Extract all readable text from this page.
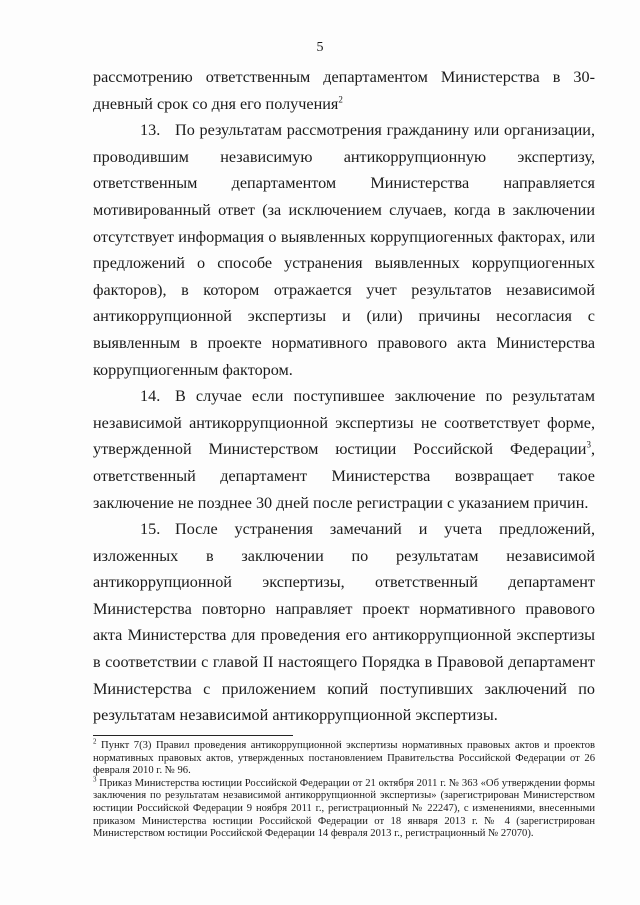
5

рассмотрению ответственным департаментом Министерства в 30-дневный срок со дня его получения$^2$

13. По результатам рассмотрения гражданину или организации, проводившим независимую антикоррупционную экспертизу, ответственным департаментом Министерства направляется мотивированный ответ (за исключением случаев, когда в заключении отсутствует информация о выявленных коррупциогенных факторах, или предложений о способе устранения выявленных коррупциогенных факторов), в котором отражается учет результатов независимой антикоррупционной экспертизы и (или) причины несогласия с выявленным в проекте нормативного правового акта Министерства коррупциогенным фактором.

14. В случае если поступившее заключение по результатам независимой антикоррупционной экспертизы не соответствует форме, утвержденной Министерством юстиции Российской Федерации$^3$, ответственный департамент Министерства возвращает такое заключение не позднее 30 дней после регистрации с указанием причин.

15. После устранения замечаний и учета предложений, изложенных в заключении по результатам независимой антикоррупционной экспертизы, ответственный департамент Министерства повторно направляет проект нормативного правового акта Министерства для проведения его антикоррупционной экспертизы в соответствии с главой II настоящего Порядка в Правовой департамент Министерства с приложением копий поступивших заключений по результатам независимой антикоррупционной экспертизы.

$^2$ Пункт 7(3) Правил проведения антикоррупционной экспертизы нормативных правовых актов и проектов нормативных правовых актов, утвержденных постановлением Правительства Российской Федерации от 26 февраля 2010 г. № 96.

$^3$ Приказ Министерства юстиции Российской Федерации от 21 октября 2011 г. № 363 «Об утверждении формы заключения по результатам независимой антикоррупционной экспертизы» (зарегистрирован Министерством юстиции Российской Федерации 9 ноября 2011 г., регистрационный № 22247), с изменениями, внесенными приказом Министерства юстиции Российской Федерации от 18 января 2013 г. № 4 (зарегистрирован Министерством юстиции Российской Федерации 14 февраля 2013 г., регистрационный № 27070).
